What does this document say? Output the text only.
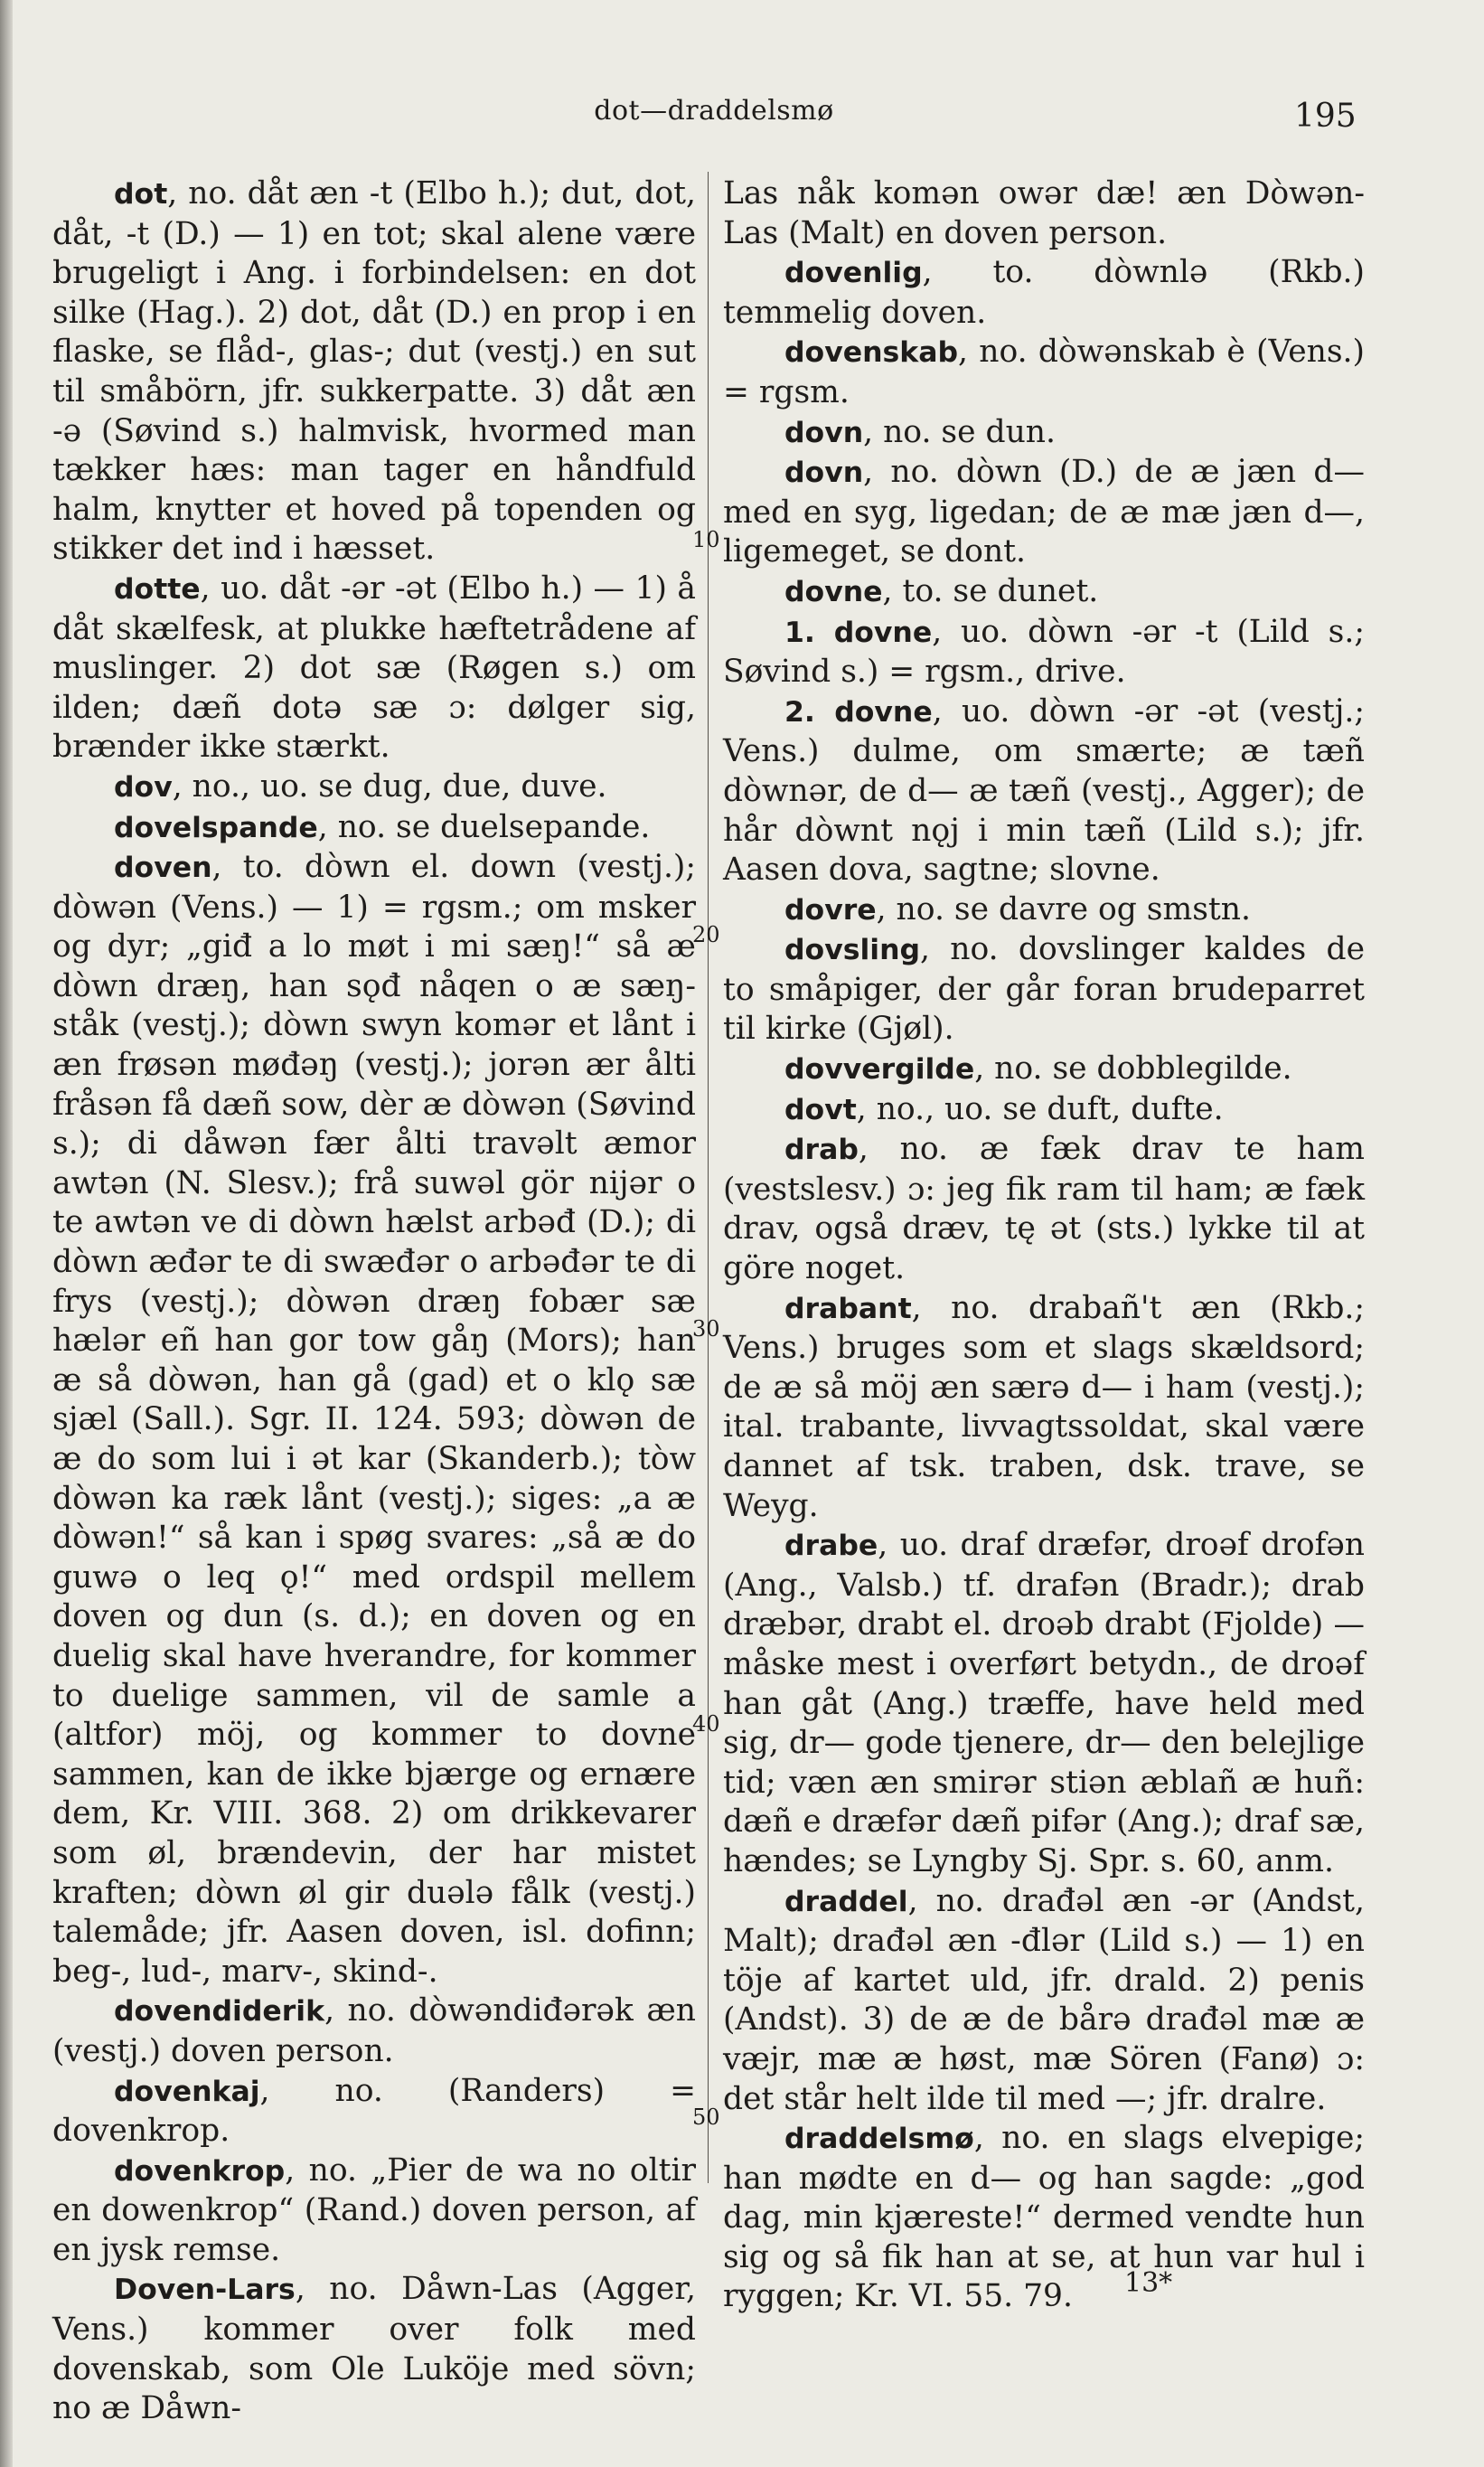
dot—draddelsmø	195

dot, no. dåt æn -t (Elbo h.); dut, dot, dåt, -t (D.) — 1) en tot; skal alene være brugeligt i Ang. i forbindelsen: en dot silke (Hag.). 2) dot, dåt (D.) en prop i en flaske, se flåd-, glas-; dut (vestj.) en sut til småbörn, jfr. sukkerpatte. 3) dåt æn -ə (Søvind s.) halmvisk, hvormed man tækker hæs: man tager en håndfuld halm, knytter et hoved på topenden og stikker det ind i hæsset.

dotte, uo. dåt -ər -ət (Elbo h.) — 1) å dåt skælfesk, at plukke hæftetrådene af muslinger. 2) dot sæ (Røgen s.) om ilden; dæñ dotə sæ ɔ: dølger sig, brænder ikke stærkt.

dov, no., uo. se dug, due, duve.

dovelspande, no. se duelsepande.

doven, to. dòwn el. down (vestj.); dòwən (Vens.) — 1) = rgsm.; om msker og dyr; „giđ a lo møt i mi sæŋ!“ så æ dòwn dræŋ, han sǫđ nåqen o æ sæŋ-ståk (vestj.); dòwn swyn komər et lånt i æn frøsən møđəŋ (vestj.); jorən ær ålti fråsən få dæñ sow, dèr æ dòwən (Søvind s.); di dåwən fær ålti travəlt æmor awtən (N. Slesv.); frå suwəl gör nijər o te awtən ve di dòwn hælst arbəđ (D.); di dòwn æđər te di swæđər o arbəđər te di frys (vestj.); dòwən dræŋ fobær sæ hælər eñ han gor tow gåŋ (Mors); han æ så dòwən, han gå (gad) et o klǫ sæ sjæl (Sall.). Sgr. II. 124. 593; dòwən de æ do som lui i ət kar (Skanderb.); tòw dòwən ka ræk lånt (vestj.); siges: „a æ dòwən!“ så kan i spøg svares: „så æ do guwə o leq ǫ!“ med ordspil mellem doven og dun (s. d.); en doven og en duelig skal have hverandre, for kommer to duelige sammen, vil de samle a (altfor) möj, og kommer to dovne sammen, kan de ikke bjærge og ernære dem, Kr. VIII. 368. 2) om drikkevarer som øl, brændevin, der har mistet kraften; dòwn øl gir duələ fålk (vestj.) talemåde; jfr. Aasen doven, isl. dofinn; beg-, lud-, marv-, skind-.

dovendiderik, no. dòwəndiđərək æn (vestj.) doven person.

dovenkaj, no. (Randers) = dovenkrop.

dovenkrop, no. „Pier de wa no oltir en dowenkrop“ (Rand.) doven person, af en jysk remse.

Doven-Lars, no. Dåwn-Las (Agger, Vens.) kommer over folk med dovenskab, som Ole Luköje med sövn; no æ Dåwn-

Las nåk komən owər dæ! æn Dòwən-Las (Malt) en doven person.

dovenlig, to. dòwnlə (Rkb.) temmelig doven.

dovenskab, no. dòwənskab è (Vens.) = rgsm.

dovn, no. se dun.

dovn, no. dòwn (D.) de æ jæn d— med en syg, ligedan; de æ mæ jæn d—, ligemeget, se dont.

dovne, to. se dunet.

1. dovne, uo. dòwn -ər -t (Lild s.; Søvind s.) = rgsm., drive.

2. dovne, uo. dòwn -ər -ət (vestj.; Vens.) dulme, om smærte; æ tæñ dòwnər, de d— æ tæñ (vestj., Agger); de hår dòwnt nǫj i min tæñ (Lild s.); jfr. Aasen dova, sagtne; slovne.

dovre, no. se davre og smstn.

dovsling, no. dovslinger kaldes de to småpiger, der går foran brudeparret til kirke (Gjøl).

dovvergilde, no. se dobblegilde.

dovt, no., uo. se duft, dufte.

drab, no. æ fæk drav te ham (vestslesv.) ɔ: jeg fik ram til ham; æ fæk drav, også dræv, tę ət (sts.) lykke til at göre noget.

drabant, no. drabañ't æn (Rkb.; Vens.) bruges som et slags skældsord; de æ så möj æn særə d— i ham (vestj.); ital. trabante, livvagtssoldat, skal være dannet af tsk. traben, dsk. trave, se Weyg.

drabe, uo. draf dræfər, droəf drofən (Ang., Valsb.) tf. drafən (Bradr.); drab dræbər, drabt el. droəb drabt (Fjolde) — måske mest i overført betydn., de droəf han gåt (Ang.) træffe, have held med sig, dr— gode tjenere, dr— den belejlige tid; væn æn smirər stiən æblañ æ huñ: dæñ e dræfər dæñ pifər (Ang.); draf sæ, hændes; se Lyngby Sj. Spr. s. 60, anm.

draddel, no. drađəl æn -ər (Andst, Malt); drađəl æn -đlər (Lild s.) — 1) en töje af kartet uld, jfr. drald. 2) penis (Andst). 3) de æ de bårə drađəl mæ æ væjr, mæ æ høst, mæ Sören (Fanø) ɔ: det står helt ilde til med —; jfr. dralre.

draddelsmø, no. en slags elvepige; han mødte en d— og han sagde: „god dag, min kjæreste!“ dermed vendte hun sig og så fik han at se, at hun var hul i ryggen; Kr. VI. 55. 79.

10
20
30
40
50
13*
